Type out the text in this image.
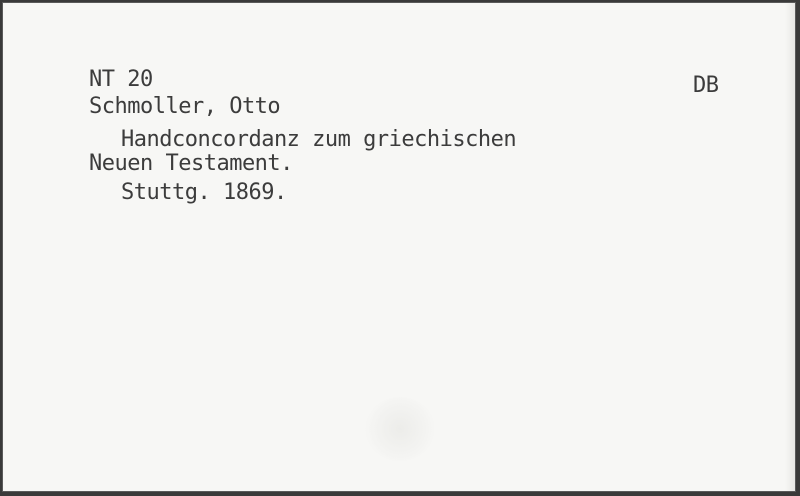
NT 20	DB
Schmoller, Otto
Handconcordanz zum griechischen
Neuen Testament.
Stuttg. 1869.
